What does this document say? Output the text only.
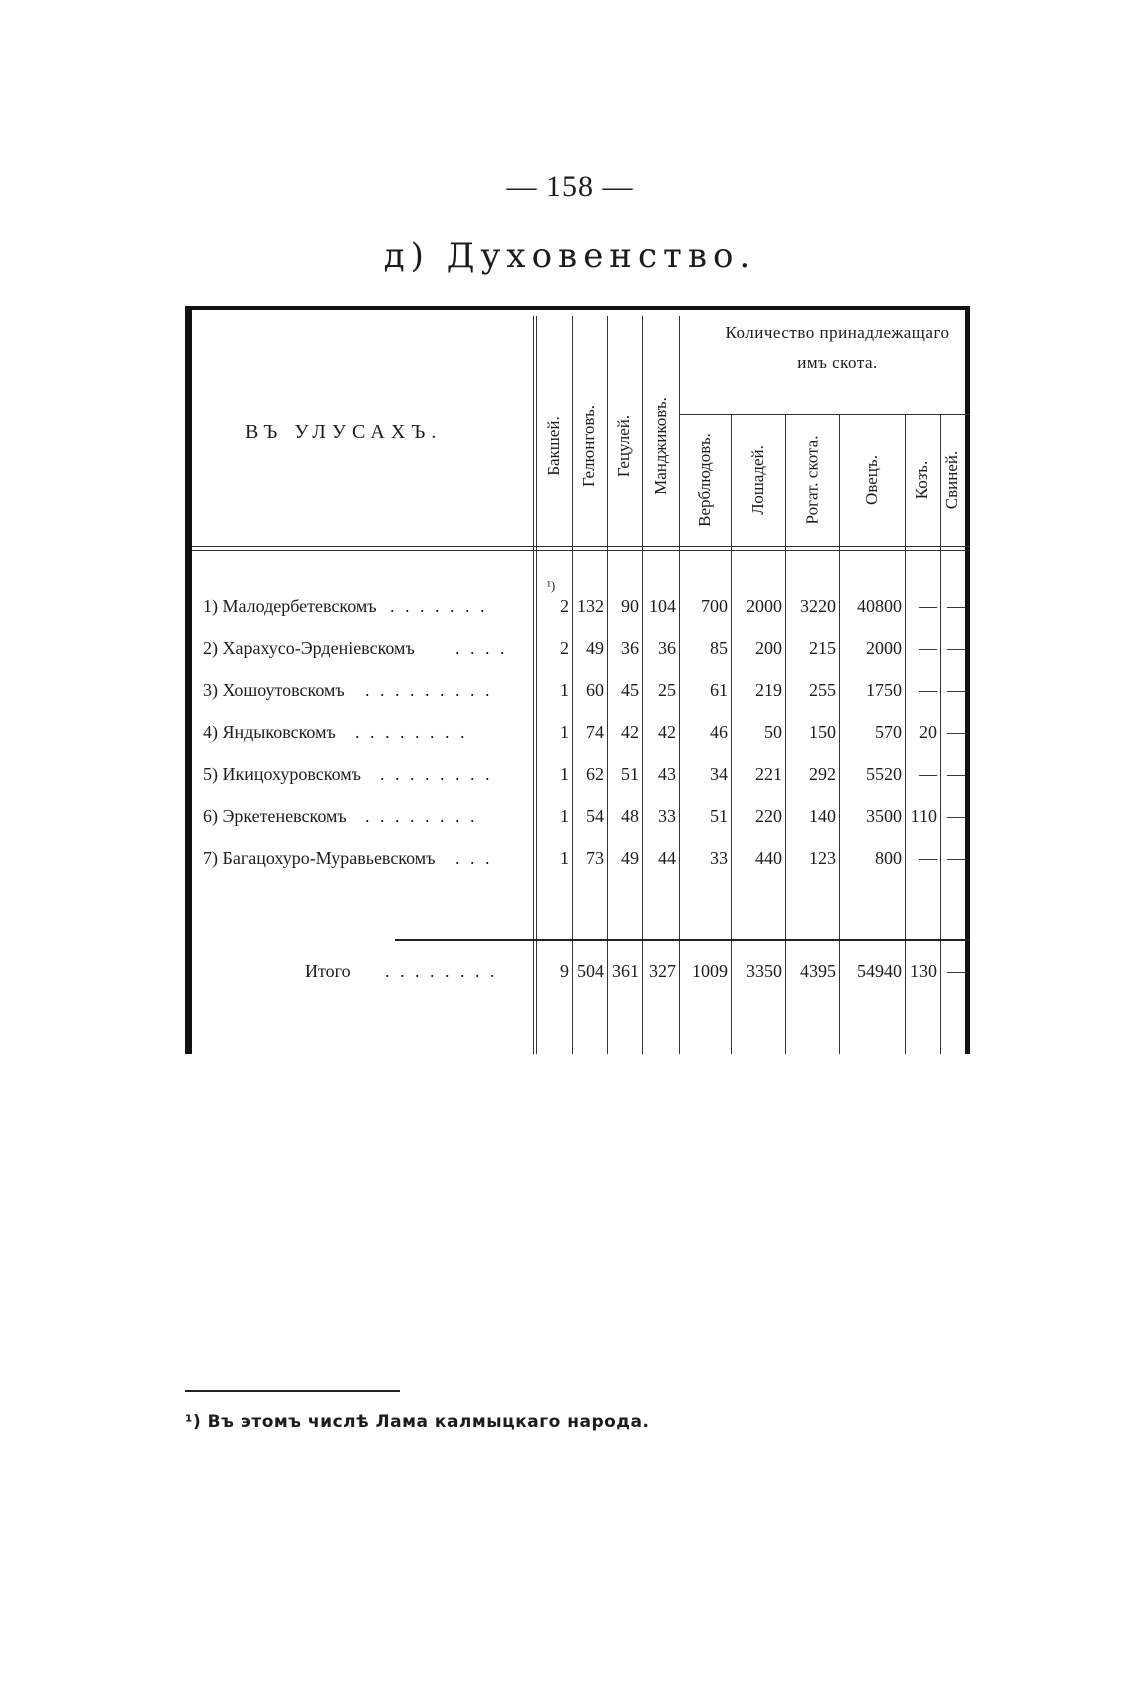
— 158 —
д) Духовенство.
ВЪ УЛУСАХЪ.
Количество принадлежащаго
имъ скота.
Бакшей. Гелюнговъ. Гецулей. Манджиковъ. Верблюдовъ. Лошадей. Рогат. скота. Овецъ. Козъ. Свиней.
¹)
1) Малодербетевскомъ . . . . . . .	2 132 90 104 700 2000 3220 40800 — —
2) Харахусо-Эрденіевскомъ . . . .	2 49 36 36 85 200 215 2000 — —
3) Хошоутовскомъ . . . . . . . . .	1 60 45 25 61 219 255 1750 — —
4) Яндыковскомъ . . . . . . . .	1 74 42 42 46 50 150 570 20 —
5) Икицохуровскомъ . . . . . . . .	1 62 51 43 34 221 292 5520 — —
6) Эркетеневскомъ . . . . . . . .	1 54 48 33 51 220 140 3500 110 —
7) Багацохуро-Муравьевскомъ . . .	1 73 49 44 33 440 123 800 — —
Итого . . . . . . . .	9 504 361 327 1009 3350 4395 54940 130 —
¹) Въ этомъ числѣ Лама калмыцкаго народа.
